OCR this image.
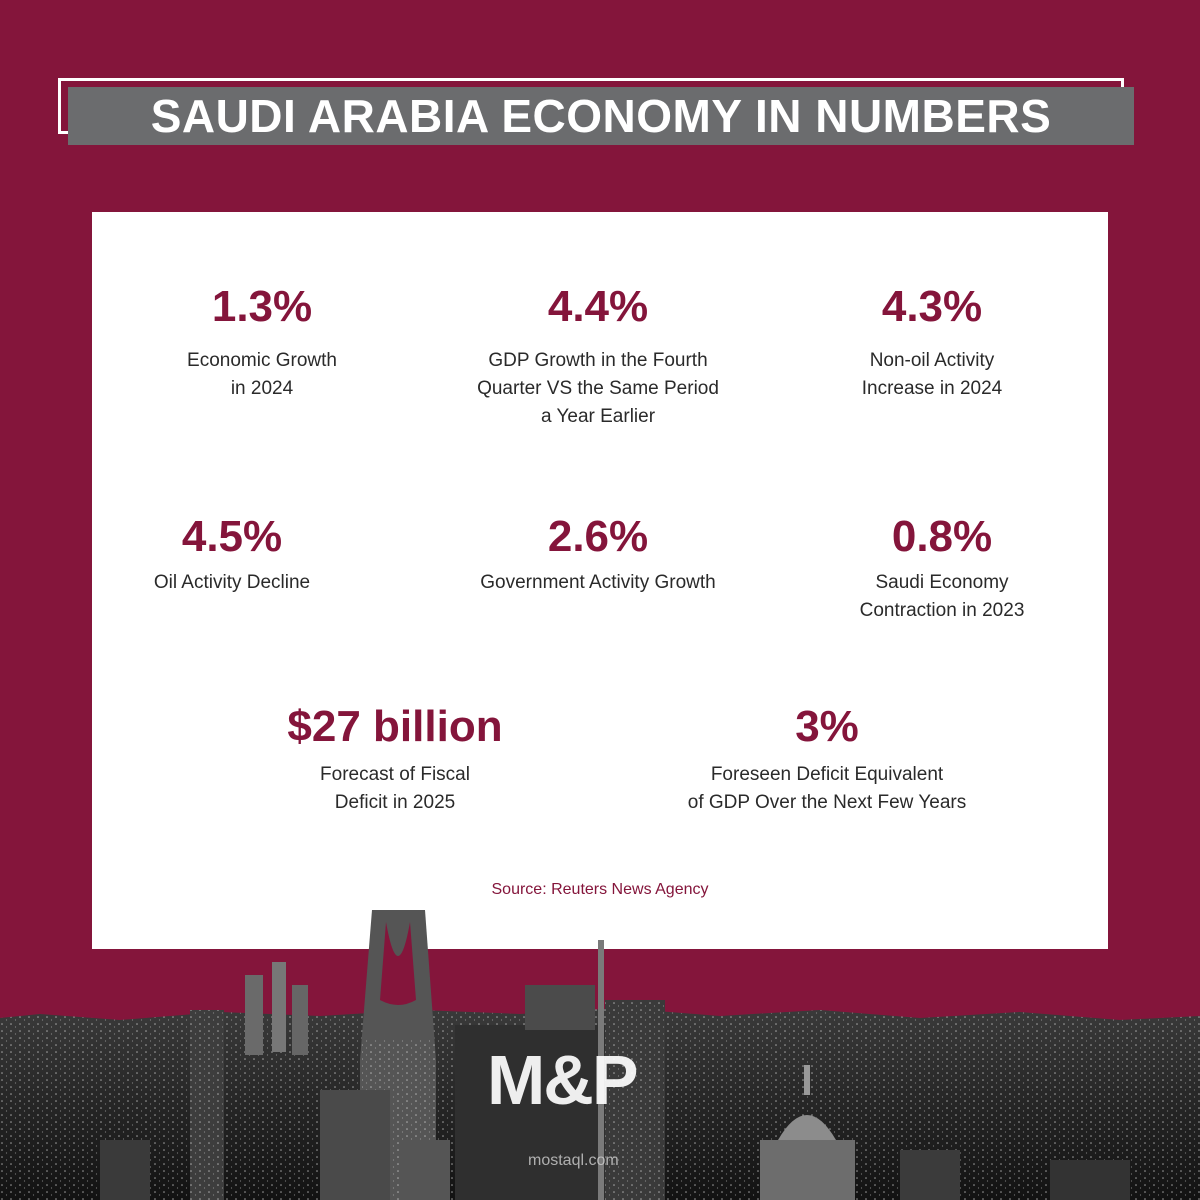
SAUDI ARABIA ECONOMY IN NUMBERS
1.3%
Economic Growth
in 2024
4.4%
GDP Growth in the Fourth
Quarter VS the Same Period
a Year Earlier
4.3%
Non-oil Activity
Increase in 2024
4.5%
Oil Activity Decline
2.6%
Government Activity Growth
0.8%
Saudi Economy
Contraction in 2023
$27 billion
Forecast of Fiscal
Deficit in 2025
3%
Foreseen Deficit Equivalent
of GDP Over the Next Few Years
Source: Reuters News Agency
M&P
mostaql.com
